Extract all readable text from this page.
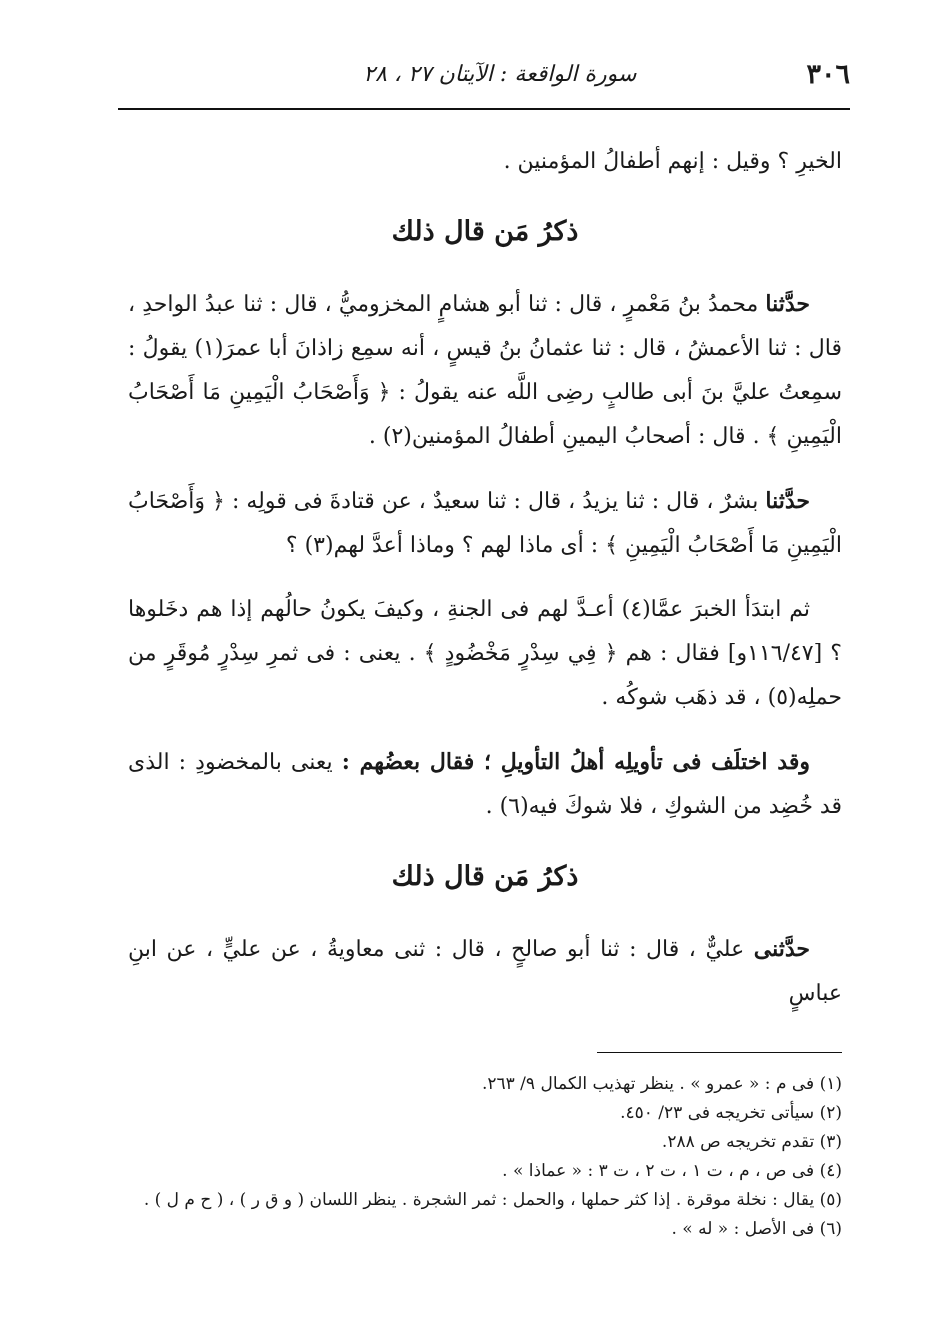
٣٠٦
سورة الواقعة : الآيتان ٢٧ ، ٢٨

الخيرِ ؟ وقيل : إنهم أطفالُ المؤمنين .

ذكرُ مَن قال ذلك

حدَّثنا محمدُ بنُ مَعْمرٍ ، قال : ثنا أبو هشامٍ المخزوميُّ ، قال : ثنا عبدُ الواحدِ ، قال : ثنا الأعمشُ ، قال : ثنا عثمانُ بنُ قيسٍ ، أنه سمِع زاذانَ أبا عمرَ(١) يقولُ : سمِعتُ عليَّ بنَ أبى طالبٍ رضِى اللَّه عنه يقولُ : ﴿ وَأَصْحَابُ الْيَمِينِ مَا أَصْحَابُ الْيَمِينِ ﴾ . قال : أصحابُ اليمينِ أطفالُ المؤمنين(٢) .

حدَّثنا بشرٌ ، قال : ثنا يزيدُ ، قال : ثنا سعيدٌ ، عن قتادةَ فى قولِه : ﴿ وَأَصْحَابُ الْيَمِينِ مَا أَصْحَابُ الْيَمِينِ ﴾ : أى ماذا لهم ؟ وماذا أعدَّ لهم(٣) ؟

ثم ابتدَأ الخبرَ عمَّا(٤) أعـدَّ لهم فى الجنةِ ، وكيفَ يكونُ حالُهم إذا هم دخَلوها ؟ [١١٦/٤٧و] فقال : هم ﴿ فِي سِدْرٍ مَخْضُودٍ ﴾ . يعنى : فى ثمرِ سِدْرٍ مُوقَرٍ من حملِه(٥) ، قد ذهَب شوكُه .

وقد اختلَف فى تأويلِه أهلُ التأويلِ ؛ فقال بعضُهم : يعنى بالمخضودِ : الذى قد خُضِد من الشوكِ ، فلا شوكَ فيه(٦) .

ذكرُ مَن قال ذلك

حدَّثنى عليٌّ ، قال : ثنا أبو صالحٍ ، قال : ثنى معاويةُ ، عن عليٍّ ، عن ابنِ عباسٍ

(١) فى م : « عمرو » . ينظر تهذيب الكمال ٩/ ٢٦٣.
(٢) سيأتى تخريجه فى ٢٣/ ٤٥٠.
(٣) تقدم تخريجه ص ٢٨٨.
(٤) فى ص ، م ، ت ١ ، ت ٢ ، ت ٣ : « عماذا » .
(٥) يقال : نخلة موقرة . إذا كثر حملها ، والحمل : ثمر الشجرة . ينظر اللسان ( و ق ر ) ، ( ح م ل ) .
(٦) فى الأصل : « له » .
